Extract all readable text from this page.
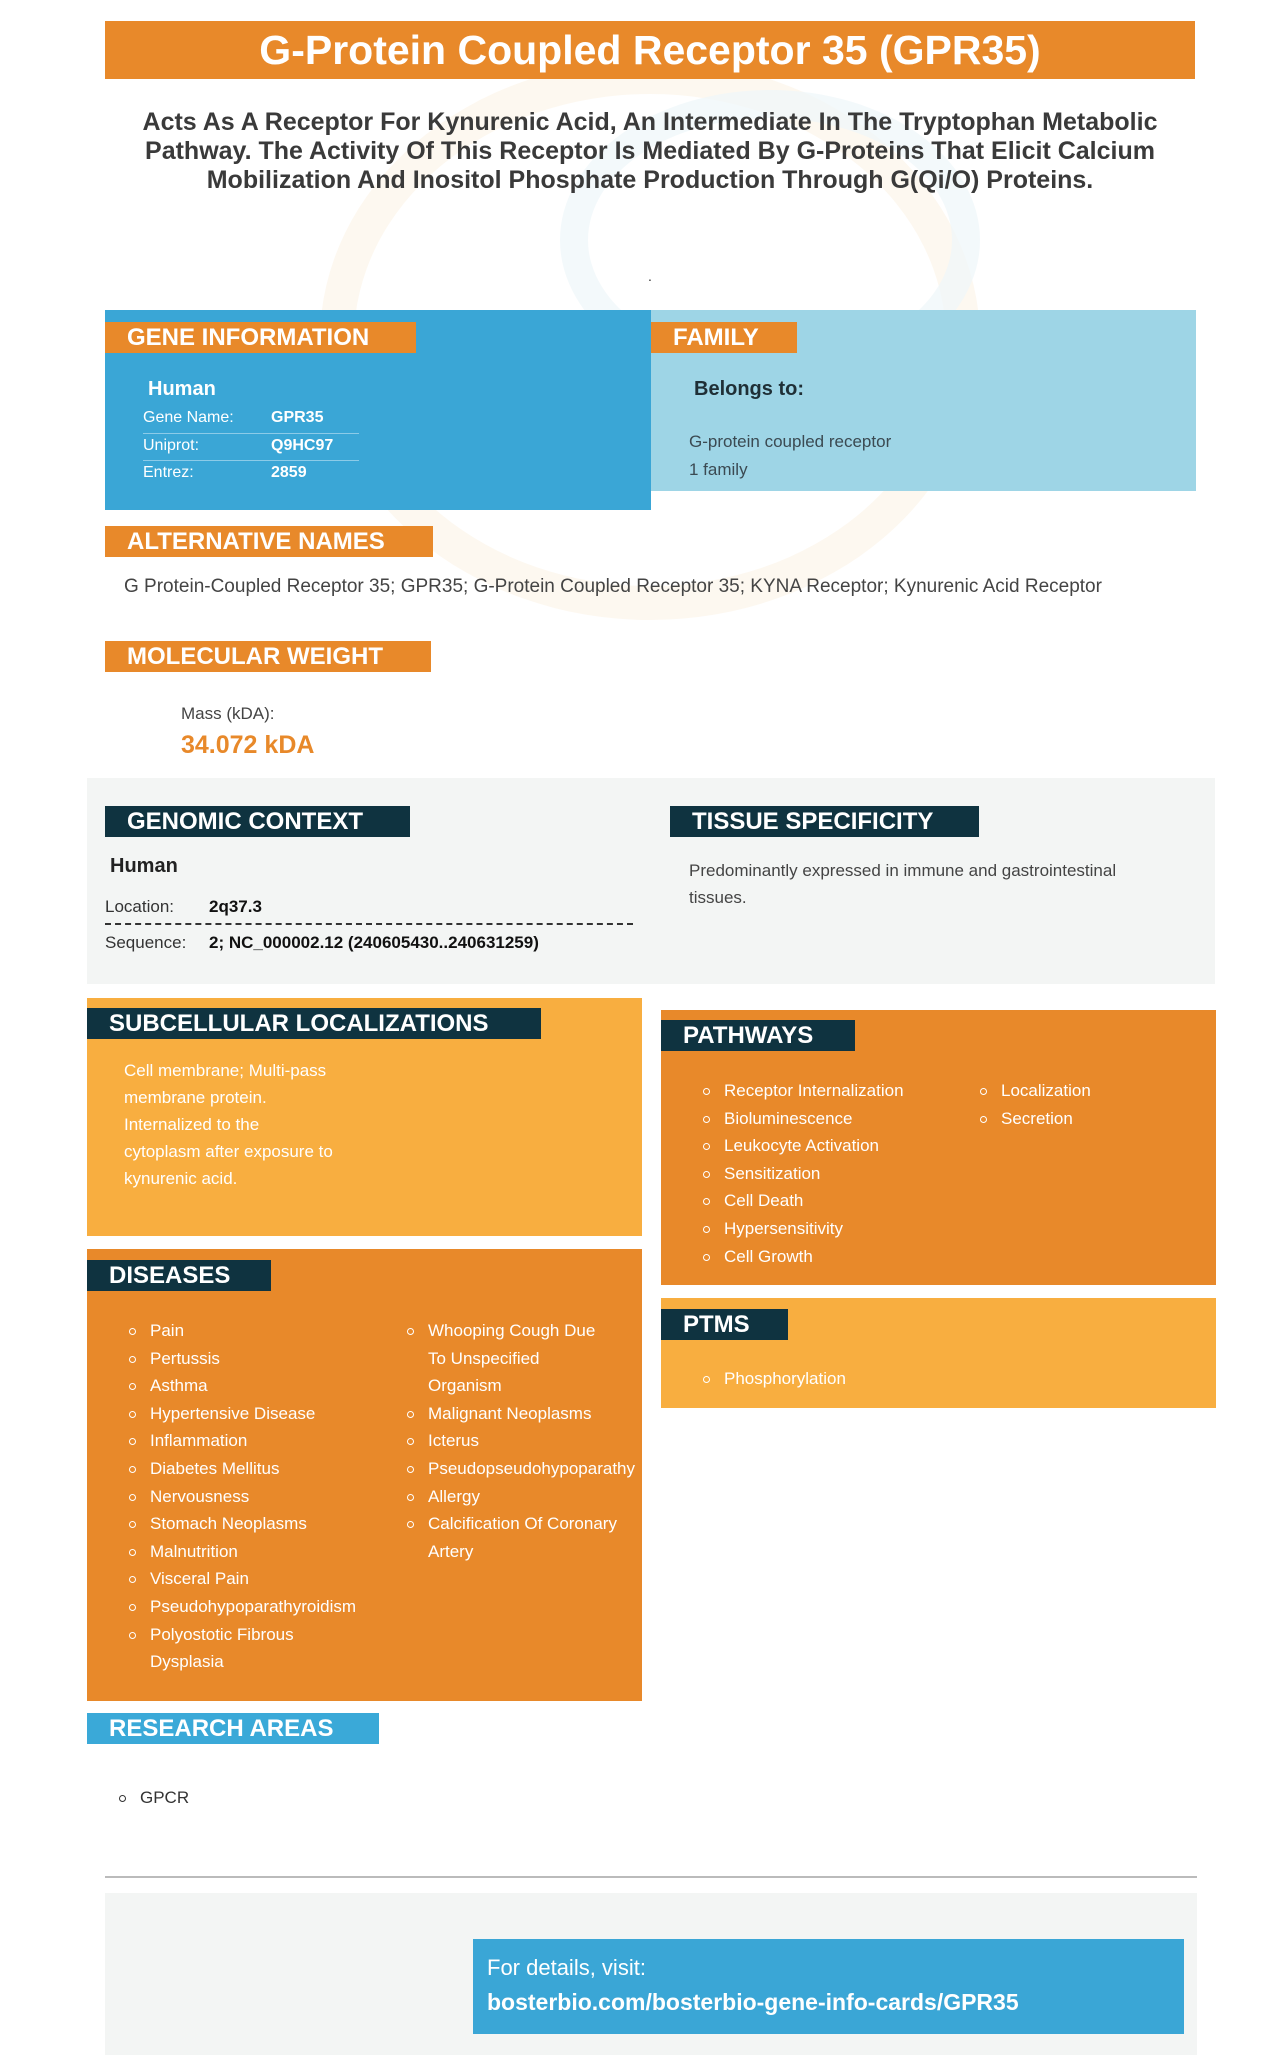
G-Protein Coupled Receptor 35 (GPR35)
Acts As A Receptor For Kynurenic Acid, An Intermediate In The Tryptophan Metabolic Pathway. The Activity Of This Receptor Is Mediated By G-Proteins That Elicit Calcium Mobilization And Inositol Phosphate Production Through G(Qi/O) Proteins.
.
GENE INFORMATION
Human
Gene Name: GPR35
Uniprot:	Q9HC97
Entrez:	2859
FAMILY
Belongs to:
G-protein coupled receptor
1 family
ALTERNATIVE NAMES
G Protein-Coupled Receptor 35; GPR35; G-Protein Coupled Receptor 35; KYNA Receptor; Kynurenic Acid Receptor
MOLECULAR WEIGHT
Mass (kDA):
34.072 kDA
GENOMIC CONTEXT
Human
Location: 2q37.3
Sequence: 2; NC_000002.12 (240605430..240631259)
TISSUE SPECIFICITY
Predominantly expressed in immune and gastrointestinal tissues.
SUBCELLULAR LOCALIZATIONS
Cell membrane; Multi-pass membrane protein. Internalized to the cytoplasm after exposure to kynurenic acid.
PATHWAYS
Receptor Internalization
Bioluminescence
Leukocyte Activation
Sensitization
Cell Death
Hypersensitivity
Cell Growth
Localization
Secretion
PTMS
Phosphorylation
DISEASES
Pain
Pertussis
Asthma
Hypertensive Disease
Inflammation
Diabetes Mellitus
Nervousness
Stomach Neoplasms
Malnutrition
Visceral Pain
Pseudohypoparathyroidism
Polyostotic Fibrous Dysplasia
Whooping Cough Due To Unspecified Organism
Malignant Neoplasms
Icterus
Pseudopseudohypoparathy
Allergy
Calcification Of Coronary Artery
RESEARCH AREAS
GPCR
For details, visit:
bosterbio.com/bosterbio-gene-info-cards/GPR35
